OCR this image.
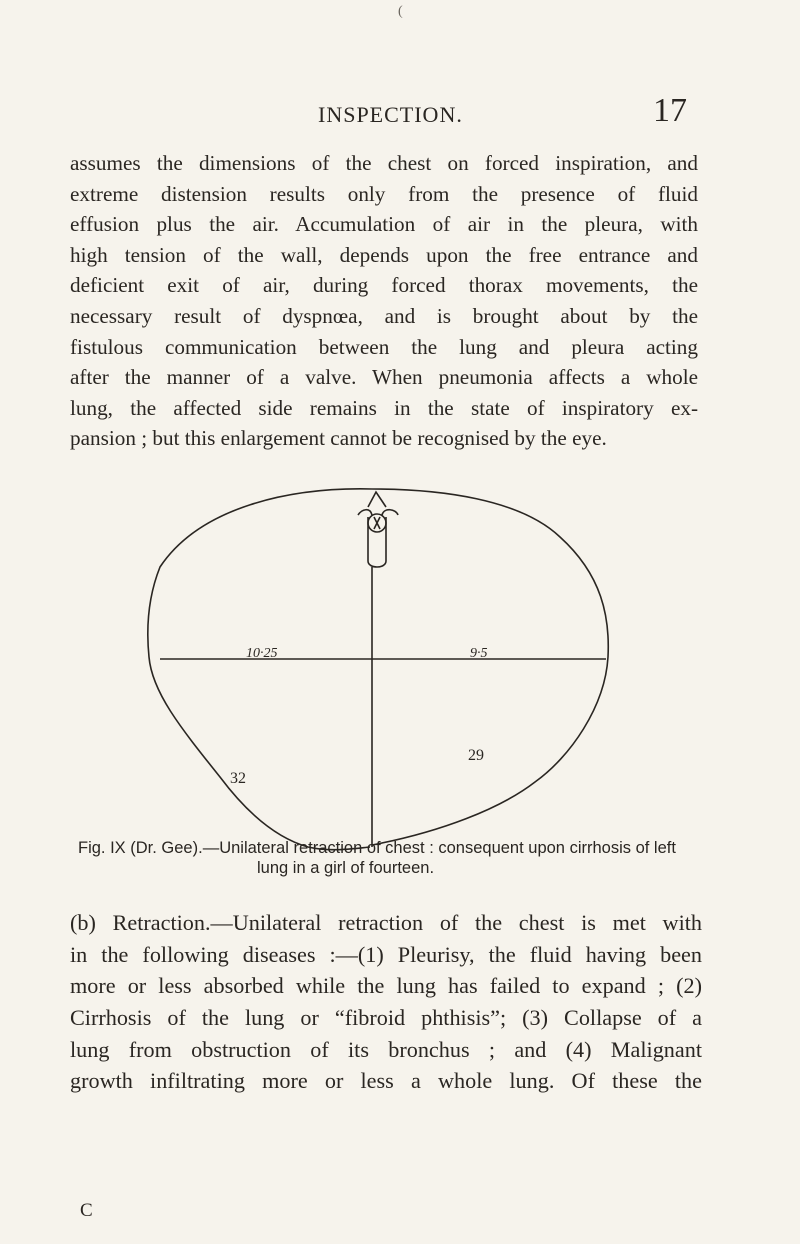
(
INSPECTION.	17
assumes the dimensions of the chest on forced inspiration, and
extreme distension results only from the presence of fluid
effusion plus the air. Accumulation of air in the pleura, with
high tension of the wall, depends upon the free entrance and
deficient exit of air, during forced thorax movements, the
necessary result of dyspnœa, and is brought about by the
fistulous communication between the lung and pleura acting
after the manner of a valve. When pneumonia affects a whole
lung, the affected side remains in the state of inspiratory ex-
pansion ; but this enlargement cannot be recognised by the eye.
10·25	9·5
32
29
Fig. IX (Dr. Gee).—Unilateral retraction of chest : consequent upon cirrhosis of left
lung in a girl of fourteen.
(b) Retraction.—Unilateral retraction of the chest is met with
in the following diseases :—(1) Pleurisy, the fluid having been
more or less absorbed while the lung has failed to expand ; (2)
Cirrhosis of the lung or “fibroid phthisis”; (3) Collapse of a
lung from obstruction of its bronchus ; and (4) Malignant
growth infiltrating more or less a whole lung. Of these the
C
